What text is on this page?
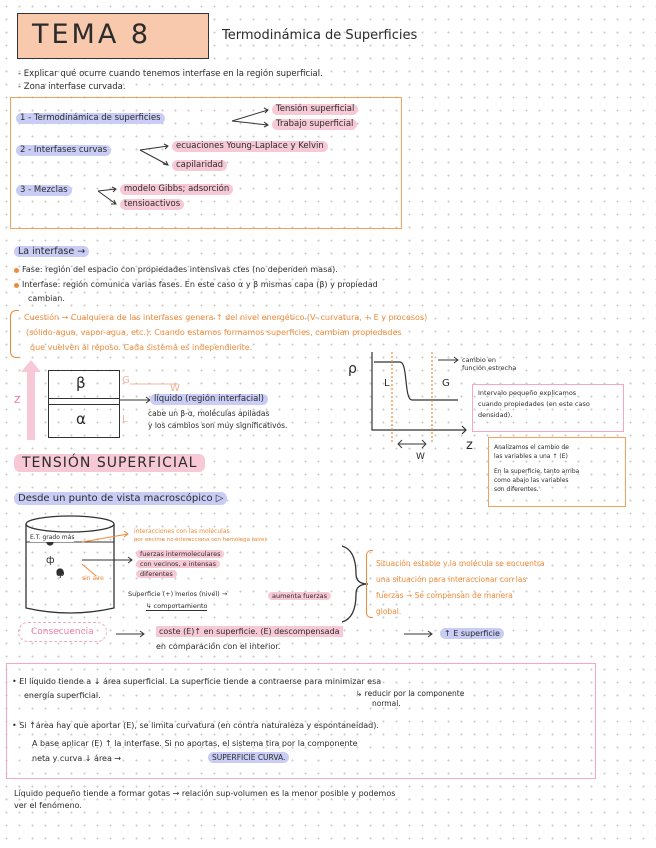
TEMA 8	Termodinámica de Superficies
- Explicar qué ocurre cuando tenemos interfase en la región superficial.
- Zona interfase curvada.
1 - Termodinámica de superficies
Tensión superficial
Trabajo superficial
2 - Interfases curvas	ecuaciones Young-Laplace y Kelvin
capilaridad
3 - Mezclas	modelo Gibbs; adsorción
tensioactivos
La interfase →
Fase: región del espacio con propiedades intensivas ctes (no dependen masa).
Interfase: región comunica varias fases. En este caso α y β mismas capa (β) y propiedad
cambian.
Cuestión → Cualquiera de las interfases genera ↑ del nivel energético (V- curvatura, + E y procesos)
(sólido-agua, vapor-agua, etc.). Cuando estamos formamos superficies, cambian propiedades
que vuelven al reposo. Cada sistema es independiente.
z
β
α
G
W
L
líquido (región interfacial)
cabe un β-α, moléculas apiladas
y los cambios son muy significativos.
ρ
L	G
W
z
cambio en
función estrecha
Intervalo pequeño explicamos
cuando propiedades (en este caso
densidad).
Analizamos el cambio de
las variables a una ↑ (E)
En la superficie, tanto arriba
como abajo las variables
son diferentes.
TENSIÓN SUPERFICIAL
Desde un punto de vista macroscópico ▷
E.T. grado más
ф
ф	sin aire
interacciones con las moléculas
por encima no interacciona con homóloga (aire)
fuerzas intermoleculares
con vecinos, e intensas
diferentes
Superficie (+) menos (nivel) →	aumenta fuerzas
↳ comportamiento
Situación estable y la molécula se encuentra
una situación para interaccionar con las
fuerzas → Se compensan de manera
global.
Consecuencia	coste (E)↑ en superficie. (E) descompensada
en comparación con el interior.
↑ E superficie
• El líquido tiende a ↓ área superficial. La superficie tiende a contraerse para minimizar esa
energía superficial.	↳ reducir por la componente
normal.
• Si ↑área hay que aportar (E), se limita curvatura (en contra naturaleza y espontaneidad).
A base aplicar (E) ↑ la interfase. Si no aportas, el sistema tira por la componente
neta y curva ↓ área →	SUPERFICIE CURVA.
Líquido pequeño tiende a formar gotas → relación sup-volumen es la menor posible y podemos
ver el fenómeno.
